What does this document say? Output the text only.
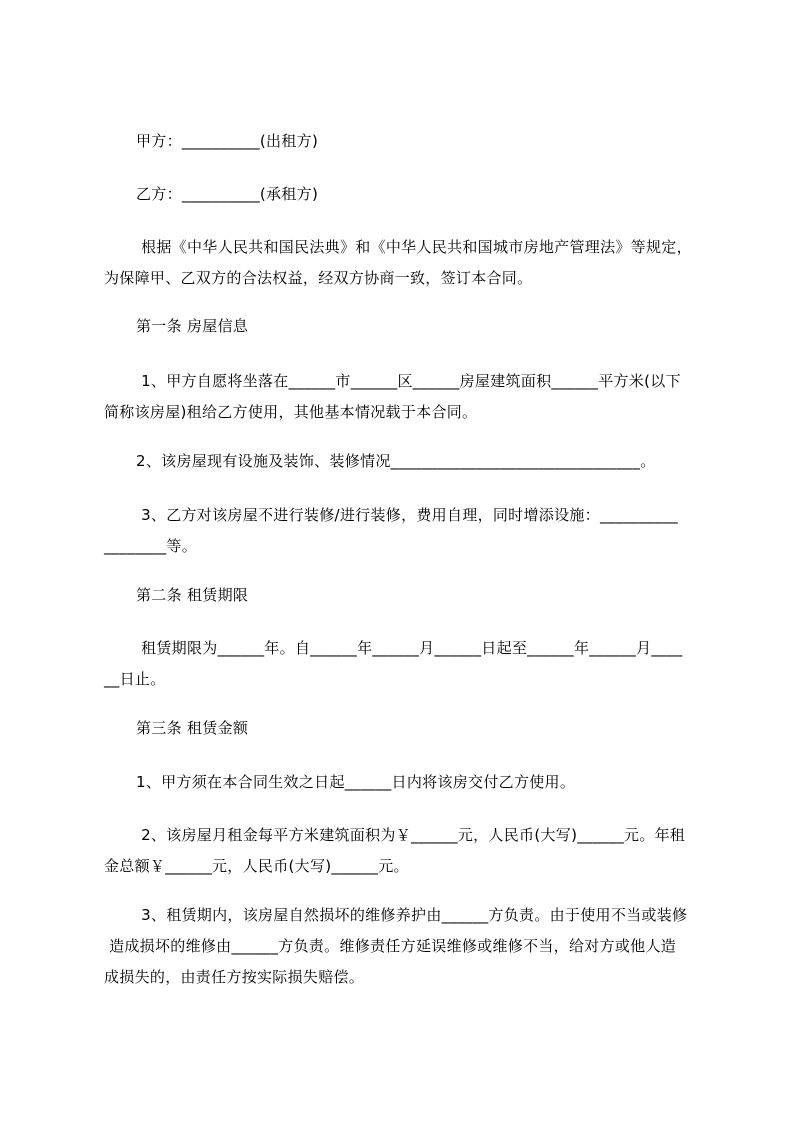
甲方：__________(出租方)
乙方：__________(承租方)
根据《中华人民共和国民法典》和《中华人民共和国城市房地产管理法》等规定，
为保障甲、乙双方的合法权益，经双方协商一致，签订本合同。
第一条 房屋信息
1、甲方自愿将坐落在______市______区______房屋建筑面积______平方米(以下
简称该房屋)租给乙方使用，其他基本情况载于本合同。
2、该房屋现有设施及装饰、装修情况________________________________。
3、乙方对该房屋不进行装修/进行装修，费用自理，同时增添设施：__________
________等。
第二条 租赁期限
租赁期限为______年。自______年______月______日起至______年______月____
__日止。
第三条 租赁金额
1、甲方须在本合同生效之日起______日内将该房交付乙方使用。
2、该房屋月租金每平方米建筑面积为￥______元，人民币(大写)______元。年租
金总额￥______元，人民币(大写)______元。
3、租赁期内，该房屋自然损坏的维修养护由______方负责。由于使用不当或装修
造成损坏的维修由______方负责。维修责任方延误维修或维修不当，给对方或他人造
成损失的，由责任方按实际损失赔偿。
